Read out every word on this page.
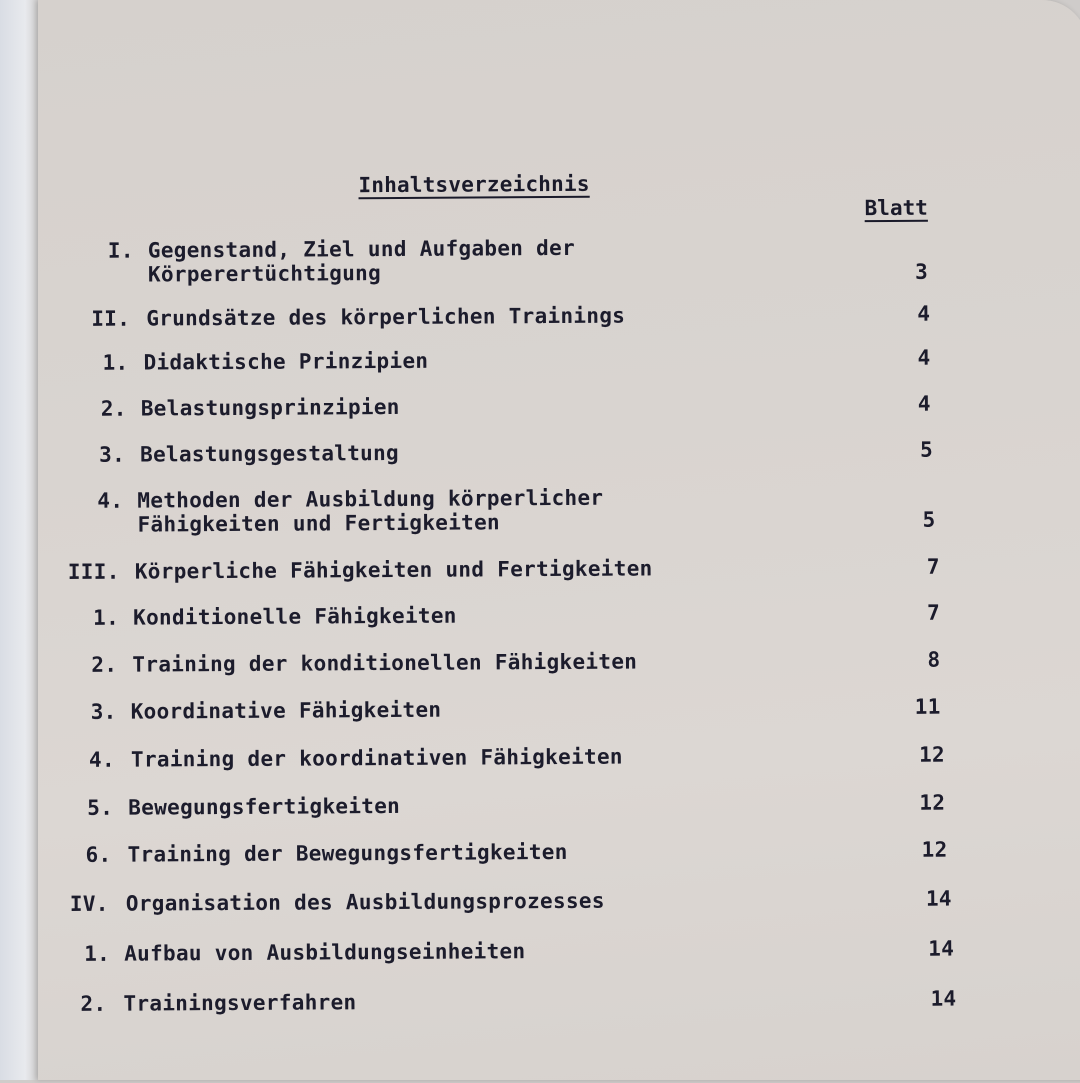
Inhaltsverzeichnis
Blatt
I. Gegenstand, Ziel und Aufgaben der
Körperertüchtigung	3
II. Grundsätze des körperlichen Trainings	4
1. Didaktische Prinzipien	4
2. Belastungsprinzipien	4
3. Belastungsgestaltung	5
4. Methoden der Ausbildung körperlicher
Fähigkeiten und Fertigkeiten	5
III. Körperliche Fähigkeiten und Fertigkeiten	7
1. Konditionelle Fähigkeiten	7
2. Training der konditionellen Fähigkeiten	8
3. Koordinative Fähigkeiten	11
4. Training der koordinativen Fähigkeiten	12
5. Bewegungsfertigkeiten	12
6. Training der Bewegungsfertigkeiten	12
IV. Organisation des Ausbildungsprozesses	14
1. Aufbau von Ausbildungseinheiten	14
2. Trainingsverfahren	14
